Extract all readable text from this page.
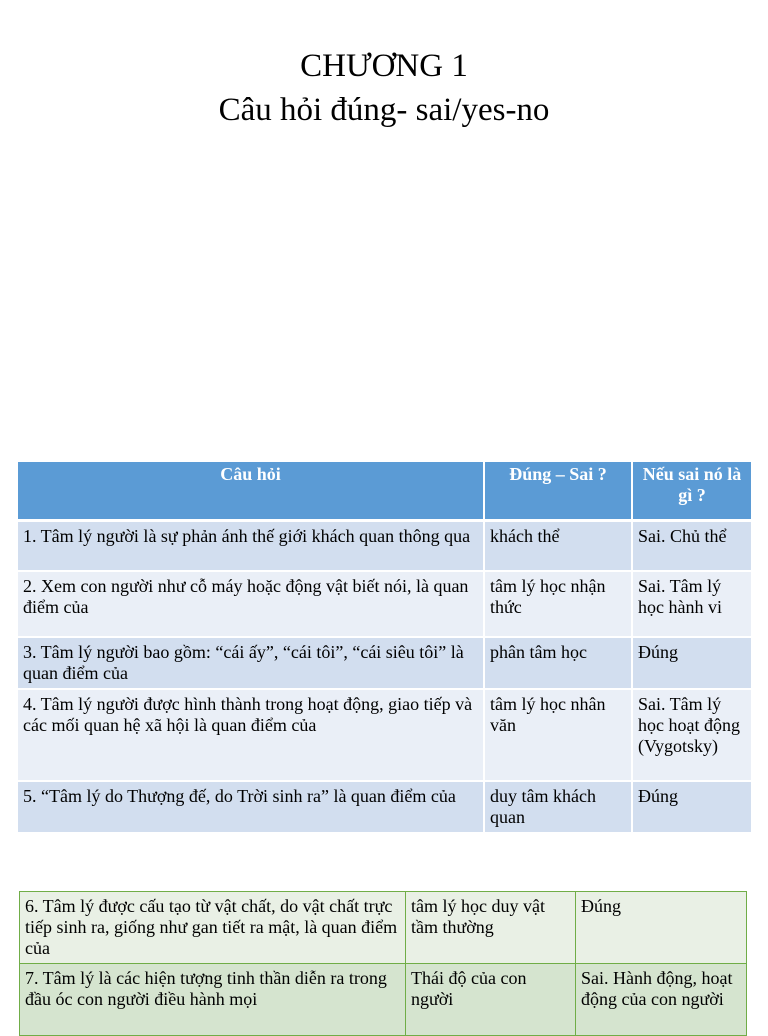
CHƯƠNG 1
Câu hỏi đúng- sai/yes-no
Câu hỏi	Đúng – Sai ?	Nếu sai nó là gì ?
1. Tâm lý người là sự phản ánh thế giới khách quan thông qua	khách thể	Sai. Chủ thể
2. Xem con người như cỗ máy hoặc động vật biết nói, là quan điểm của	tâm lý học nhận thức	Sai. Tâm lý học hành vi
3. Tâm lý người bao gồm: “cái ấy”, “cái tôi”, “cái siêu tôi” là quan điểm của	phân tâm học	Đúng
4. Tâm lý người được hình thành trong hoạt động, giao tiếp và các mối quan hệ xã hội là quan điểm của	tâm lý học nhân văn	Sai. Tâm lý học hoạt động (Vygotsky)
5. “Tâm lý do Thượng đế, do Trời sinh ra” là quan điểm của	duy tâm khách quan	Đúng
6. Tâm lý được cấu tạo từ vật chất, do vật chất trực tiếp sinh ra, giống như gan tiết ra mật, là quan điểm của	tâm lý học duy vật tầm thường	Đúng
7. Tâm lý là các hiện tượng tinh thần diễn ra trong đầu óc con người điều hành mọi	Thái độ của con người	Sai. Hành động, hoạt động của con người
